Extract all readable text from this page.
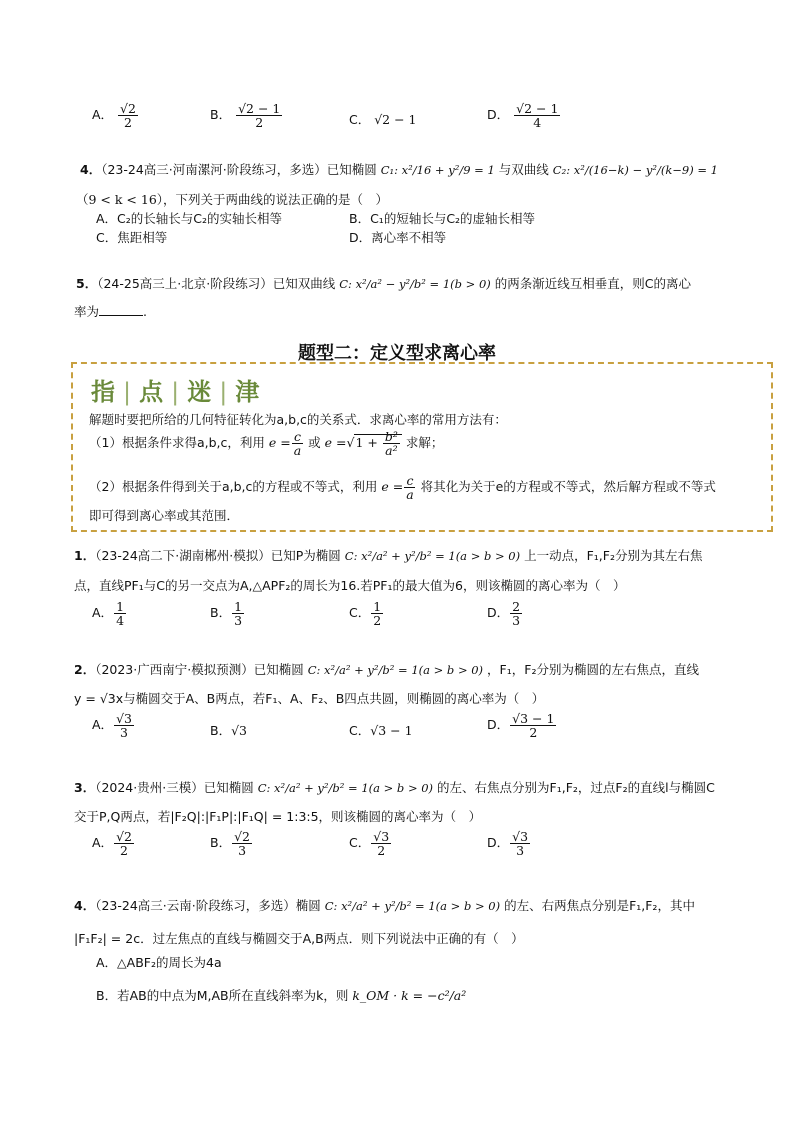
A． $\frac{√2}{2}$	B． $\frac{√2 - 1}{2}$	C． √2 − 1	D． $\frac{√2 - 1}{4}$
4．（23-24高三·河南漯河·阶段练习，多选）已知椭圆 C₁: x²/16 + y²/9 = 1 与双曲线 C₂: x²/(16−k) − y²/(k−9) = 1
（9 < k < 16），下列关于两曲线的说法正确的是（　）
A．C₂的长轴长与C₂的实轴长相等	B．C₁的短轴长与C₂的虚轴长相等
C．焦距相等	D．离心率不相等
5．（24-25高三上·北京·阶段练习）已知双曲线 C: x²/a² − y²/b² = 1(b > 0) 的两条渐近线互相垂直，则C的离心
率为	.
题型二：定义型求离心率
指 | 点 | 迷 | 津
解题时要把所给的几何特征转化为a,b,c的关系式．求离心率的常用方法有：
（1）根据条件求得a,b,c，利用 $e = \frac{c}{a}$ 或 $e =√1 + \frac{\text{b²}}{\text{a²}}$ 求解；
（2）根据条件得到关于a,b,c的方程或不等式，利用 $e = \frac{c}{a}$ 将其化为关于e的方程或不等式，然后解方程或不等式
即可得到离心率或其范围．
1．（23-24高二下·湖南郴州·模拟）已知P为椭圆 C: x²/a² + y²/b² = 1(a > b > 0) 上一动点，F₁,F₂分别为其左右焦
点，直线PF₁与C的另一交点为A,△APF₂的周长为16.若PF₁的最大值为6，则该椭圆的离心率为（　）
A． $\frac{1}{4}$	B． $\frac{1}{3}$	C． $\frac{1}{2}$	D． $\frac{2}{3}$
2．（2023·广西南宁·模拟预测）已知椭圆 C: x²/a² + y²/b² = 1(a > b > 0) ，F₁，F₂分别为椭圆的左右焦点，直线
y = √3x与椭圆交于A、B两点，若F₁、A、F₂、B四点共圆，则椭圆的离心率为（　）
A． $\frac{√3}{3}$	B．√3	C．√3 − 1	D． $\frac{√3 - 1}{2}$
3．（2024·贵州·三模）已知椭圆 C: x²/a² + y²/b² = 1(a > b > 0) 的左、右焦点分别为F₁,F₂，过点F₂的直线l与椭圆C
交于P,Q两点，若|F₂Q|:|F₁P|:|F₁Q| = 1:3:5，则该椭圆的离心率为（　）
A． $\frac{√2}{2}$	B． $\frac{√2}{3}$	C． $\frac{√3}{2}$	D． $\frac{√3}{3}$
4．（23-24高三·云南·阶段练习，多选）椭圆 C: x²/a² + y²/b² = 1(a > b > 0) 的左、右两焦点分别是F₁,F₂，其中
|F₁F₂| = 2c．过左焦点的直线与椭圆交于A,B两点．则下列说法中正确的有（　）
A．△ABF₂的周长为4a
B．若AB的中点为M,AB所在直线斜率为k，则 k_OM · k = −c²/a²
